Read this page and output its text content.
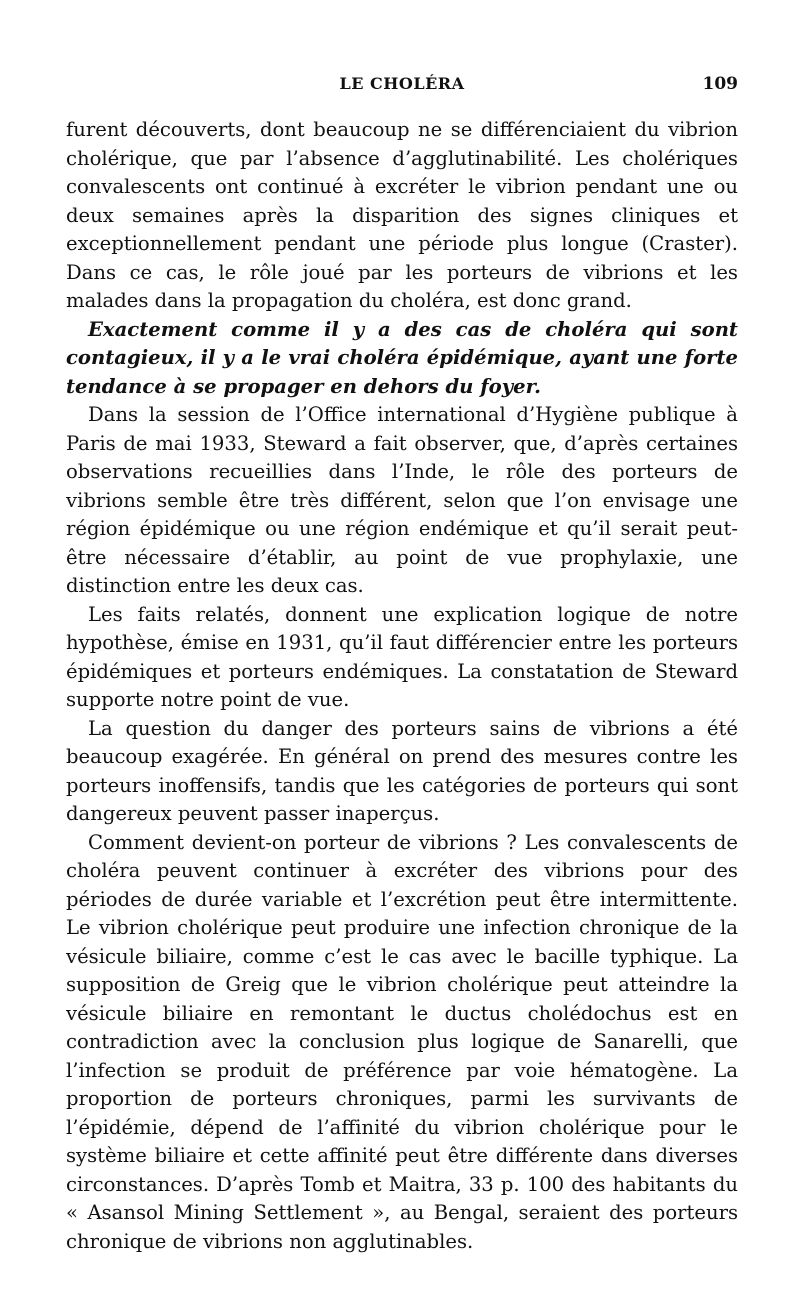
LE CHOLÉRA	109

furent découverts, dont beaucoup ne se différenciaient du vibrion cholérique, que par l’absence d’agglutinabilité. Les cholériques convalescents ont continué à excréter le vibrion pendant une ou deux semaines après la disparition des signes cliniques et exceptionnellement pendant une période plus longue (Craster). Dans ce cas, le rôle joué par les porteurs de vibrions et les malades dans la propagation du choléra, est donc grand.

Exactement comme il y a des cas de choléra qui sont contagieux, il y a le vrai choléra épidémique, ayant une forte tendance à se propager en dehors du foyer.

Dans la session de l’Office international d’Hygiène publique à Paris de mai 1933, Steward a fait observer, que, d’après certaines observations recueillies dans l’Inde, le rôle des porteurs de vibrions semble être très différent, selon que l’on envisage une région épidémique ou une région endémique et qu’il serait peut-être nécessaire d’établir, au point de vue prophylaxie, une distinction entre les deux cas.

Les faits relatés, donnent une explication logique de notre hypothèse, émise en 1931, qu’il faut différencier entre les porteurs épidémiques et porteurs endémiques. La constatation de Steward supporte notre point de vue.

La question du danger des porteurs sains de vibrions a été beaucoup exagérée. En général on prend des mesures contre les porteurs inoffensifs, tandis que les catégories de porteurs qui sont dangereux peuvent passer inaperçus.

Comment devient-on porteur de vibrions ? Les convalescents de choléra peuvent continuer à excréter des vibrions pour des périodes de durée variable et l’excrétion peut être intermittente. Le vibrion cholérique peut produire une infection chronique de la vésicule biliaire, comme c’est le cas avec le bacille typhique. La supposition de Greig que le vibrion cholérique peut atteindre la vésicule biliaire en remontant le ductus cholédochus est en contradiction avec la conclusion plus logique de Sanarelli, que l’infection se produit de préférence par voie hématogène. La proportion de porteurs chroniques, parmi les survivants de l’épidémie, dépend de l’affinité du vibrion cholérique pour le système biliaire et cette affinité peut être différente dans diverses circonstances. D’après Tomb et Maitra, 33 p. 100 des habitants du « Asansol Mining Settlement », au Bengal, seraient des porteurs chronique de vibrions non agglutinables.
